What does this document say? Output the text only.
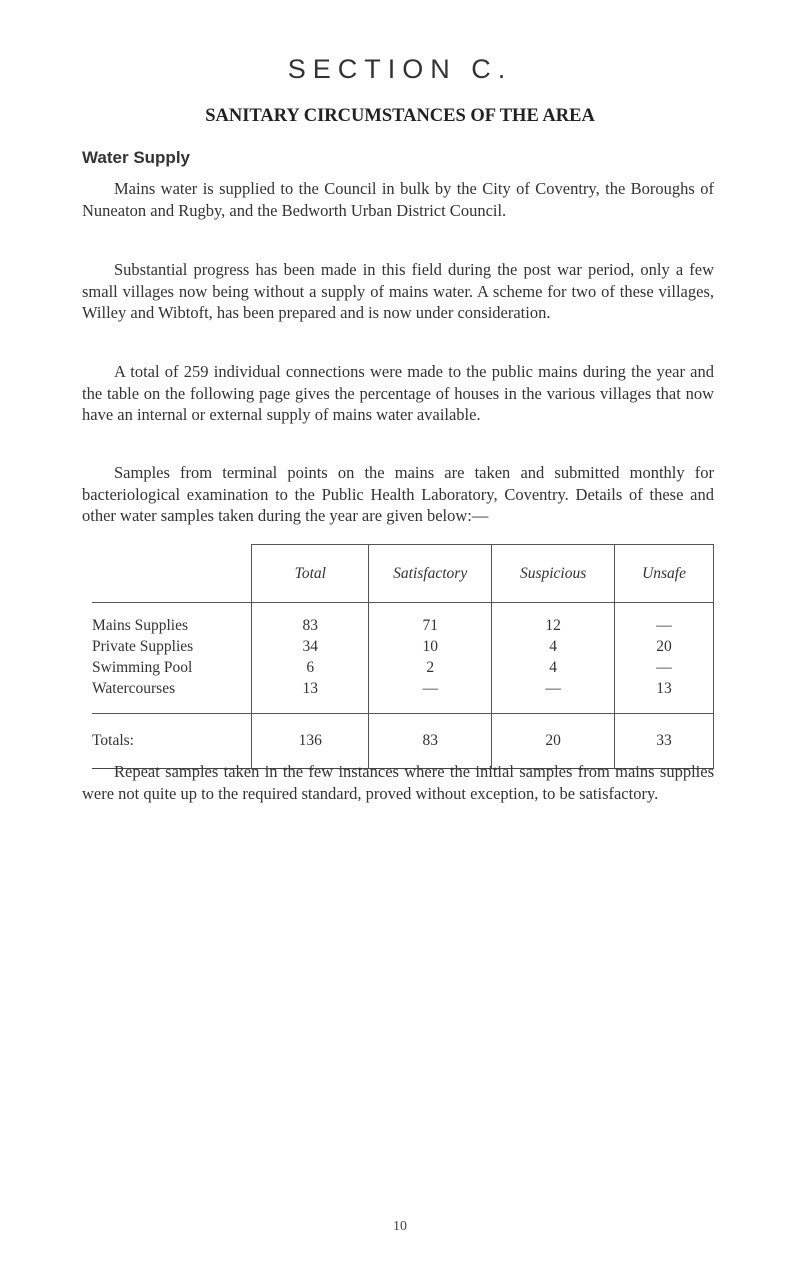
SECTION C.
SANITARY CIRCUMSTANCES OF THE AREA
Water Supply

Mains water is supplied to the Council in bulk by the City of Coventry, the Boroughs of Nuneaton and Rugby, and the Bedworth Urban District Council.

Substantial progress has been made in this field during the post war period, only a few small villages now being without a supply of mains water. A scheme for two of these villages, Willey and Wibtoft, has been prepared and is now under consideration.

A total of 259 individual connections were made to the public mains during the year and the table on the following page gives the percentage of houses in the various villages that now have an internal or external supply of mains water available.

Samples from terminal points on the mains are taken and submitted monthly for bacteriological examination to the Public Health Laboratory, Coventry. Details of these and other water samples taken during the year are given below:—

	Total	Satisfactory	Suspicious	Unsafe
Mains Supplies	83	71	12	—
Private Supplies	34	10	4	20
Swimming Pool	6	2	4	—
Watercourses	13	—	—	13
Totals:	136	83	20	33

Repeat samples taken in the few instances where the initial samples from mains supplies were not quite up to the required standard, proved without exception, to be satisfactory.

10
